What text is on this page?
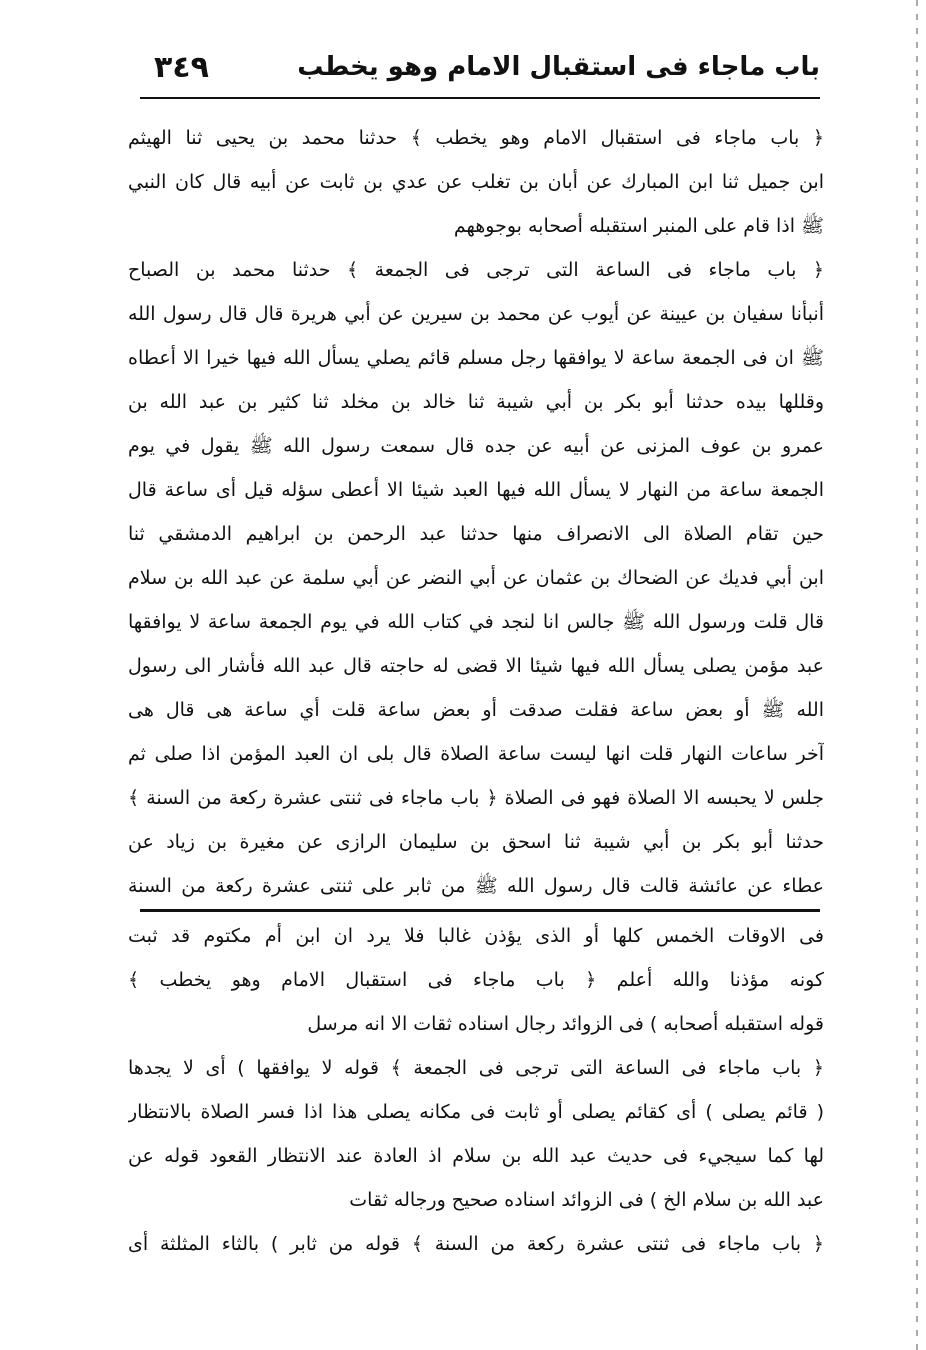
٣٤٩	باب ماجاء فى استقبال الامام وهو يخطب
﴿ باب ماجاء فى استقبال الامام وهو يخطب ﴾ حدثنا محمد بن يحيى ثنا الهيثم
ابن جميل ثنا ابن المبارك عن أبان بن تغلب عن عدي بن ثابت عن أبيه قال كان النبي
ﷺ اذا قام على المنبر استقبله أصحابه بوجوههم
﴿ باب ماجاء فى الساعة التى ترجى فى الجمعة ﴾ حدثنا محمد بن الصباح
أنبأنا سفيان بن عيينة عن أيوب عن محمد بن سيرين عن أبي هريرة قال قال رسول الله
ﷺ ان فى الجمعة ساعة لا يوافقها رجل مسلم قائم يصلي يسأل الله فيها خيرا الا أعطاه
وقللها بيده حدثنا أبو بكر بن أبي شيبة ثنا خالد بن مخلد ثنا كثير بن عبد الله بن
عمرو بن عوف المزنى عن أبيه عن جده قال سمعت رسول الله ﷺ يقول في يوم
الجمعة ساعة من النهار لا يسأل الله فيها العبد شيئا الا أعطى سؤله قيل أى ساعة قال
حين تقام الصلاة الى الانصراف منها حدثنا عبد الرحمن بن ابراهيم الدمشقي ثنا
ابن أبي فديك عن الضحاك بن عثمان عن أبي النضر عن أبي سلمة عن عبد الله بن سلام
قال قلت ورسول الله ﷺ جالس انا لنجد في كتاب الله في يوم الجمعة ساعة لا يوافقها
عبد مؤمن يصلى يسأل الله فيها شيئا الا قضى له حاجته قال عبد الله فأشار الى رسول
الله ﷺ أو بعض ساعة فقلت صدقت أو بعض ساعة قلت أي ساعة هى قال هى
آخر ساعات النهار قلت انها ليست ساعة الصلاة قال بلى ان العبد المؤمن اذا صلى ثم
جلس لا يحبسه الا الصلاة فهو فى الصلاة ﴿ باب ماجاء فى ثنتى عشرة ركعة من السنة ﴾
حدثنا أبو بكر بن أبي شيبة ثنا اسحق بن سليمان الرازى عن مغيرة بن زياد عن
عطاء عن عائشة قالت قال رسول الله ﷺ من ثابر على ثنتى عشرة ركعة من السنة
فى الاوقات الخمس كلها أو الذى يؤذن غالبا فلا يرد ان ابن أم مكتوم قد ثبت
كونه مؤذنا والله أعلم ﴿ باب ماجاء فى استقبال الامام وهو يخطب ﴾
قوله استقبله أصحابه ) فى الزوائد رجال اسناده ثقات الا انه مرسل
﴿ باب ماجاء فى الساعة التى ترجى فى الجمعة ﴾ قوله لا يوافقها ) أى لا يجدها
( قائم يصلى ) أى كقائم يصلى أو ثابت فى مكانه يصلى هذا اذا فسر الصلاة بالانتظار
لها كما سيجيء فى حديث عبد الله بن سلام اذ العادة عند الانتظار القعود قوله عن
عبد الله بن سلام الخ ) فى الزوائد اسناده صحيح ورجاله ثقات
﴿ باب ماجاء فى ثنتى عشرة ركعة من السنة ﴾ قوله من ثابر ) بالثاء المثلثة أى
